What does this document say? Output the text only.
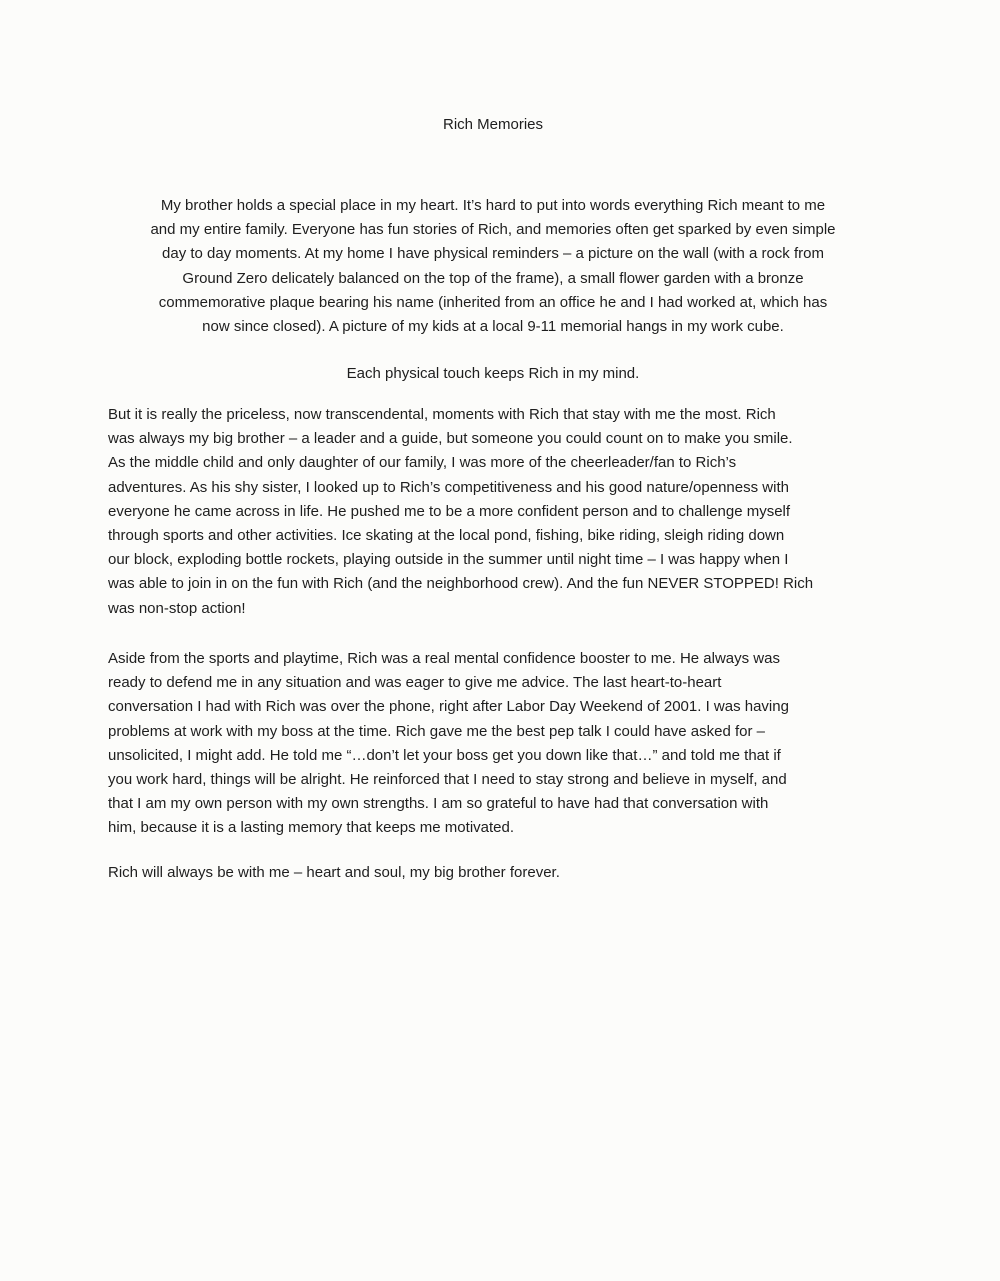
Rich Memories

My brother holds a special place in my heart. It’s hard to put into words everything Rich meant to me
and my entire family. Everyone has fun stories of Rich, and memories often get sparked by even simple
day to day moments. At my home I have physical reminders – a picture on the wall (with a rock from
Ground Zero delicately balanced on the top of the frame), a small flower garden with a bronze
commemorative plaque bearing his name (inherited from an office he and I had worked at, which has
now since closed). A picture of my kids at a local 9-11 memorial hangs in my work cube.

Each physical touch keeps Rich in my mind.

But it is really the priceless, now transcendental, moments with Rich that stay with me the most. Rich
was always my big brother – a leader and a guide, but someone you could count on to make you smile.
As the middle child and only daughter of our family, I was more of the cheerleader/fan to Rich’s
adventures. As his shy sister, I looked up to Rich’s competitiveness and his good nature/openness with
everyone he came across in life. He pushed me to be a more confident person and to challenge myself
through sports and other activities. Ice skating at the local pond, fishing, bike riding, sleigh riding down
our block, exploding bottle rockets, playing outside in the summer until night time – I was happy when I
was able to join in on the fun with Rich (and the neighborhood crew). And the fun NEVER STOPPED! Rich
was non-stop action!

Aside from the sports and playtime, Rich was a real mental confidence booster to me. He always was
ready to defend me in any situation and was eager to give me advice. The last heart-to-heart
conversation I had with Rich was over the phone, right after Labor Day Weekend of 2001. I was having
problems at work with my boss at the time. Rich gave me the best pep talk I could have asked for –
unsolicited, I might add. He told me “…don’t let your boss get you down like that…” and told me that if
you work hard, things will be alright. He reinforced that I need to stay strong and believe in myself, and
that I am my own person with my own strengths. I am so grateful to have had that conversation with
him, because it is a lasting memory that keeps me motivated.

Rich will always be with me – heart and soul, my big brother forever.
